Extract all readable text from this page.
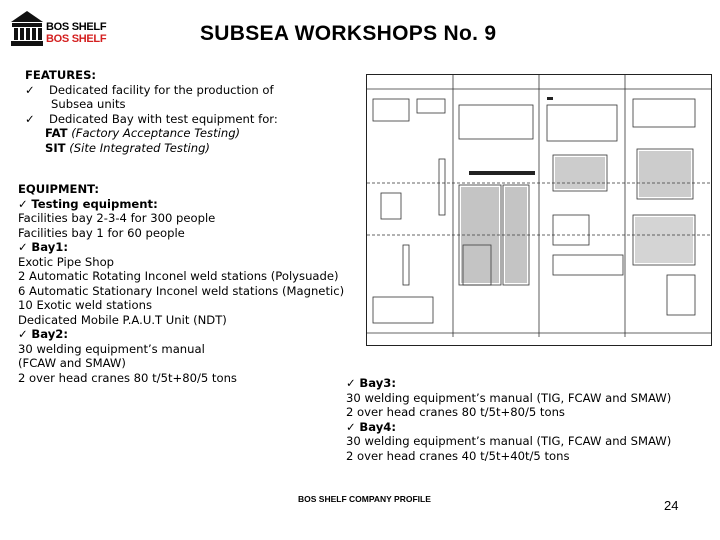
BOS SHELF
BOS SHELF	SUBSEA WORKSHOPS No. 9
FEATURES:
✓ Dedicated facility for the production of
Subsea units
✓ Dedicated Bay with test equipment for:
FAT (Factory Acceptance Testing)
SIT (Site Integrated Testing)
EQUIPMENT:
✓ Testing equipment:
Facilities bay 2-3-4 for 300 people
Facilities bay 1 for 60 people
✓ Bay1:
Exotic Pipe Shop
2 Automatic Rotating Inconel weld stations (Polysuade)
6 Automatic Stationary Inconel weld stations (Magnetic)
10 Exotic weld stations
Dedicated Mobile P.A.U.T Unit (NDT)
✓ Bay2:
30 welding equipment’s manual
(FCAW and SMAW)
2 over head cranes 80 t/5t+80/5 tons	✓ Bay3:
30 welding equipment’s manual (TIG, FCAW and SMAW)
2 over head cranes 80 t/5t+80/5 tons
✓ Bay4:
30 welding equipment’s manual (TIG, FCAW and SMAW)
2 over head cranes 40 t/5t+40t/5 tons
BOS SHELF COMPANY PROFILE	24
